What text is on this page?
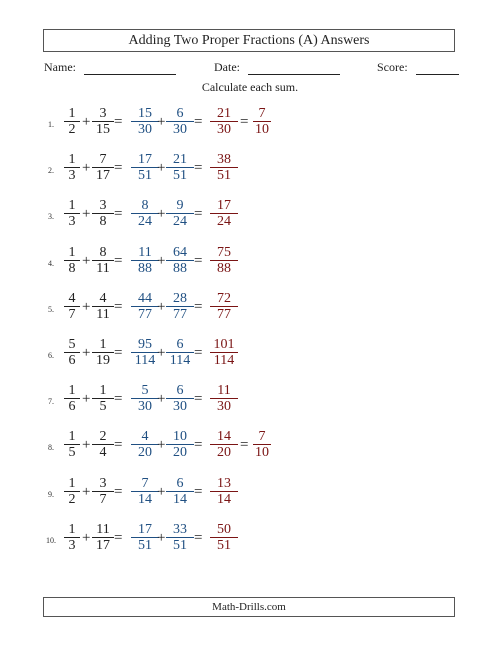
Adding Two Proper Fractions (A) Answers
Name:	Date:	Score:
Calculate each sum.
1. $\frac{1}{2} + \frac{3}{15} = \frac{15}{30}$
+ $\frac{6}{30} = \frac{21}{30} = \frac{7}{10}$
2. $\frac{1}{3} + \frac{7}{17} = \frac{17}{51}$
+ $\frac{21}{51} = \frac{38}{51}$
3. $\frac{1}{3} + \frac{3}{8} = \frac{8}{24}$
+ $\frac{9}{24} = \frac{17}{24}$
4. $\frac{1}{8} + \frac{8}{11} = \frac{11}{88}$
+ $\frac{64}{88} = \frac{75}{88}$
5. $\frac{4}{7} + \frac{4}{11} = \frac{44}{77}$
+ $\frac{28}{77} = \frac{72}{77}$
6. $\frac{5}{6} + \frac{1}{19} = \frac{95}{114}$
+ $\frac{6}{114} = \frac{101}{114}$
7. $\frac{1}{6} + \frac{1}{5} = \frac{5}{30}$
+ $\frac{6}{30} = \frac{11}{30}$
8. $\frac{1}{5} + \frac{2}{4} = \frac{4}{20}$
+ $\frac{10}{20} = \frac{14}{20} = \frac{7}{10}$
9. $\frac{1}{2} + \frac{3}{7} = \frac{7}{14}$
+ $\frac{6}{14} = \frac{13}{14}$
10. $\frac{1}{3} + \frac{11}{17} = \frac{17}{51}$
+ $\frac{33}{51} = \frac{50}{51}$
Math-Drills.com
